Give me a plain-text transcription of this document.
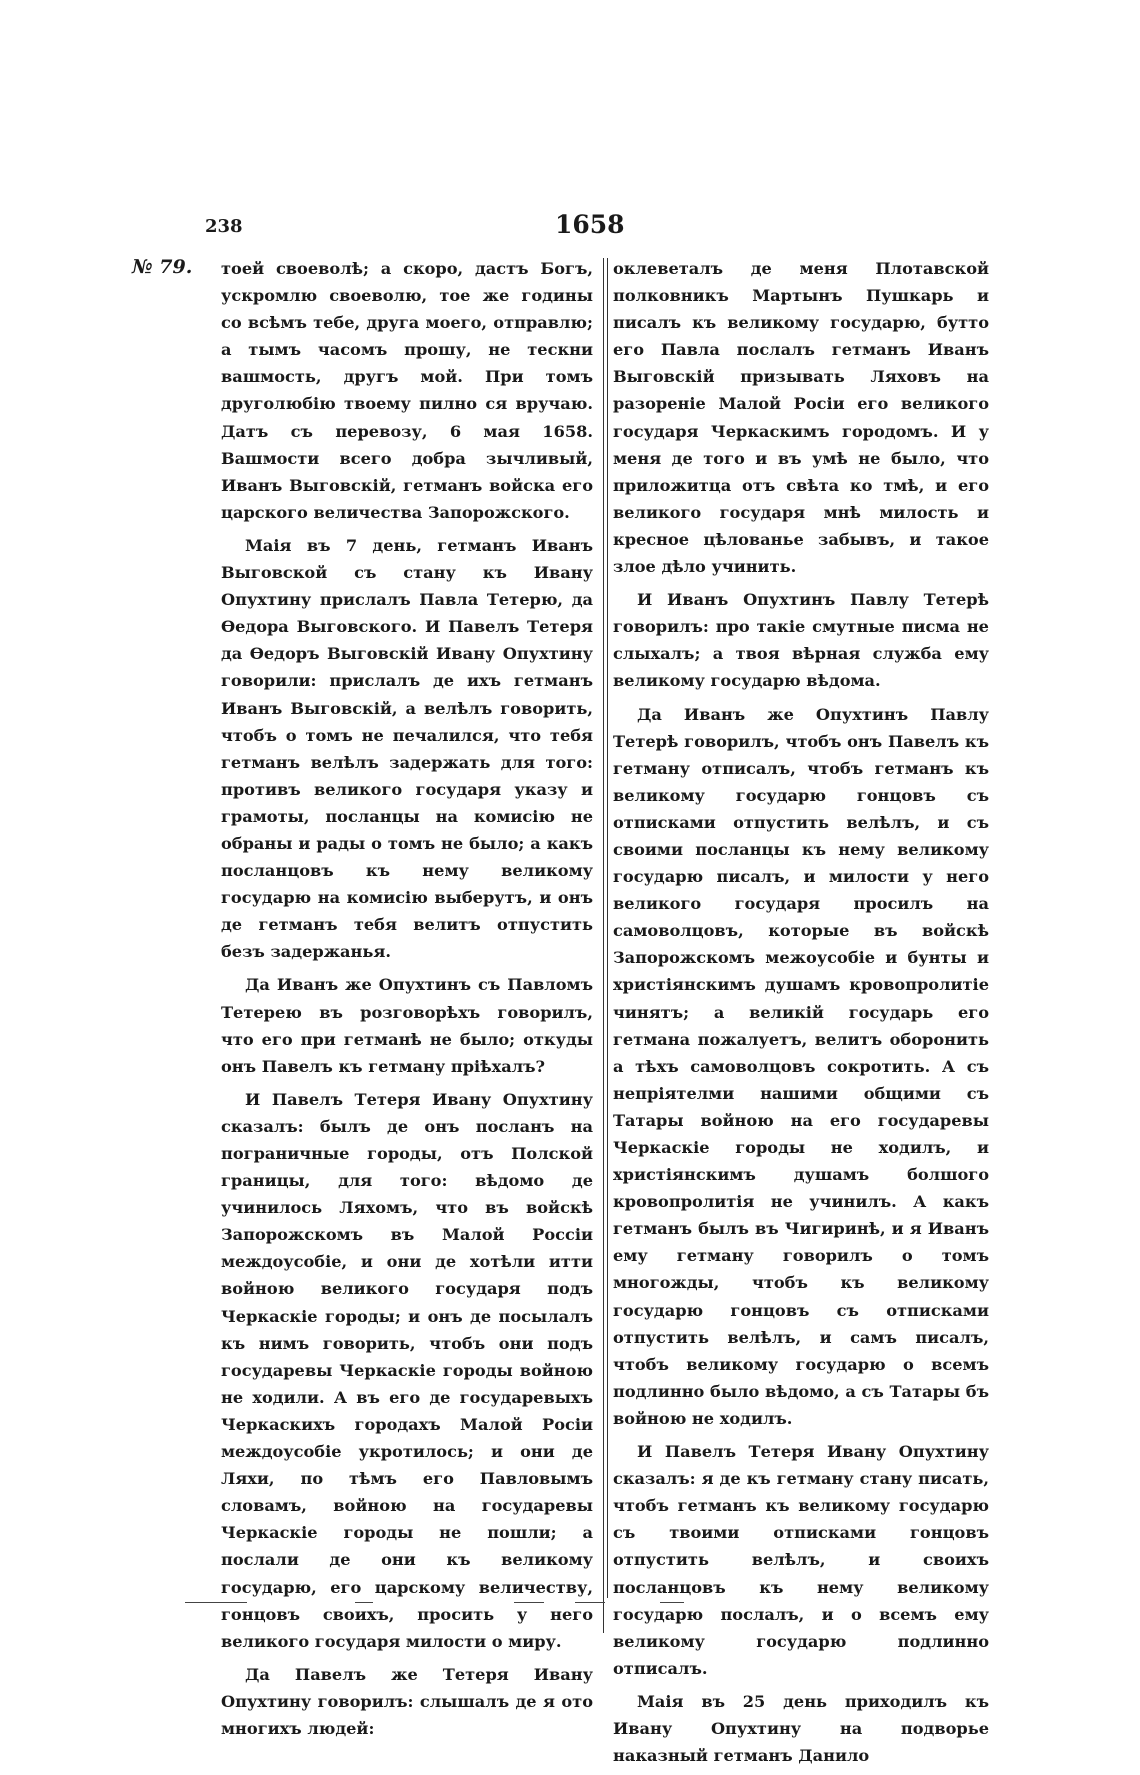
238	1658
№ 79. тоей своеволѣ; а скоро, дастъ Богъ, ускромлю своеволю, тое же годины со всѣмъ тебе, друга моего, отправлю; а тымъ часомъ прошу, не тескни вашмость, другъ мой. При томъ друголюбію твоему пилно ся вручаю. Датъ съ перевозу, 6 мая 1658. Вашмости всего добра зычливый, Иванъ Выговскій, гетманъ войска его царского величества Запорожского.

Маія въ 7 день, гетманъ Иванъ Выговской съ стану къ Ивану Опухтину прислалъ Павла Тетерю, да Ѳедора Выговского. И Павелъ Тетеря да Ѳедоръ Выговскій Ивану Опухтину говорили: прислалъ де ихъ гетманъ Иванъ Выговскій, а велѣлъ говорить, чтобъ о томъ не печалился, что тебя гетманъ велѣлъ задержать для того: противъ великого государя указу и грамоты, посланцы на комисію не обраны и рады о томъ не было; а какъ посланцовъ къ нему великому государю на комисію выберутъ, и онъ де гетманъ тебя велитъ отпустить безъ задержанья.

Да Иванъ же Опухтинъ съ Павломъ Тетерею въ розговорѣхъ говорилъ, что его при гетманѣ не было; откуды онъ Павелъ къ гетману пріѣхалъ?

И Павелъ Тетеря Ивану Опухтину сказалъ: былъ де онъ посланъ на пограничные городы, отъ Полской границы, для того: вѣдомо де учинилось Ляхомъ, что въ войскѣ Запорожскомъ въ Малой Россіи междоусобіе, и они де хотѣли итти войною великого государя подъ Черкаскіе городы; и онъ де посылалъ къ нимъ говорить, чтобъ они подъ государевы Черкаскіе городы войною не ходили. А въ его де государевыхъ Черкаскихъ городахъ Малой Росіи междоусобіе укротилось; и они де Ляхи, по тѣмъ его Павловымъ словамъ, войною на государевы Черкаскіе городы не пошли; а послали де они къ великому государю, его царскому величеству, гонцовъ своихъ, просить у него великого государя милости о миру.

Да Павелъ же Тетеря Ивану Опухтину говорилъ: слышалъ де я ото многихъ людей:

оклеветалъ де меня Плотавской полковникъ Мартынъ Пушкарь и писалъ къ великому государю, бутто его Павла послалъ гетманъ Иванъ Выговскій призывать Ляховъ на разореніе Малой Росіи его великого государя Черкаскимъ городомъ. И у меня де того и въ умѣ не было, что приложитца отъ свѣта ко тмѣ, и его великого государя мнѣ милость и кресное цѣлованье забывъ, и такое злое дѣло учинить.

И Иванъ Опухтинъ Павлу Тетерѣ говорилъ: про такіе смутные писма не слыхалъ; а твоя вѣрная служба ему великому государю вѣдома.

Да Иванъ же Опухтинъ Павлу Тетерѣ говорилъ, чтобъ онъ Павелъ къ гетману отписалъ, чтобъ гетманъ къ великому государю гонцовъ съ отписками отпустить велѣлъ, и съ своими посланцы къ нему великому государю писалъ, и милости у него великого государя просилъ на самоволцовъ, которые въ войскѣ Запорожскомъ межоусобіе и бунты и христіянскимъ душамъ кровопролитіе чинятъ; а великій государь его гетмана пожалуетъ, велитъ оборонить а тѣхъ самоволцовъ сокротить. А съ непріятелми нашими общими съ Татары войною на его государевы Черкаскіе городы не ходилъ, и христіянскимъ душамъ болшого кровопролитія не учинилъ. А какъ гетманъ былъ въ Чигиринѣ, и я Иванъ ему гетману говорилъ о томъ многожды, чтобъ къ великому государю гонцовъ съ отписками отпустить велѣлъ, и самъ писалъ, чтобъ великому государю о всемъ подлинно было вѣдомо, а съ Татары бъ войною не ходилъ.

И Павелъ Тетеря Ивану Опухтину сказалъ: я де къ гетману стану писать, чтобъ гетманъ къ великому государю съ твоими отписками гонцовъ отпустить велѣлъ, и своихъ посланцовъ къ нему великому государю послалъ, и о всемъ ему великому государю подлинно отписалъ.

Маія въ 25 день приходилъ къ Ивану Опухтину на подворье наказный гетманъ Данило
